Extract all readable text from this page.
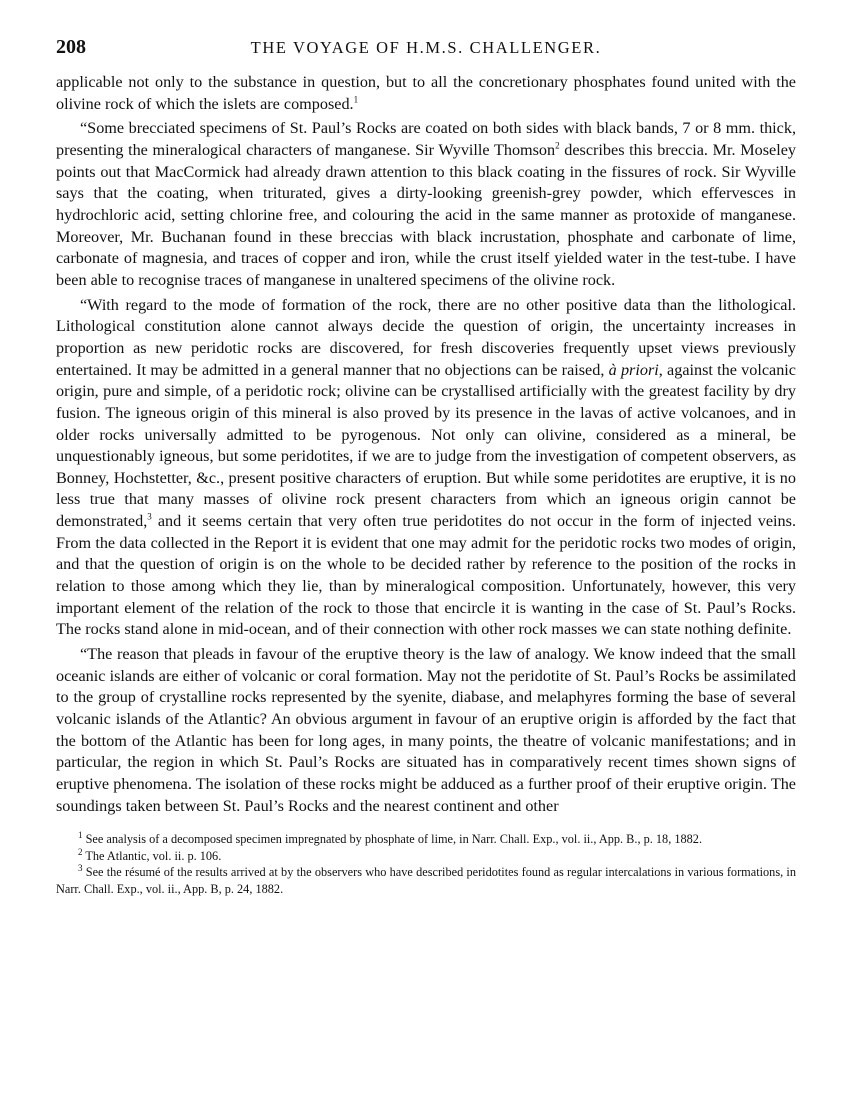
208	THE VOYAGE OF H.M.S. CHALLENGER.

applicable not only to the substance in question, but to all the concretionary phosphates found united with the olivine rock of which the islets are composed.$^1$

“Some brecciated specimens of St. Paul’s Rocks are coated on both sides with black bands, 7 or 8 mm. thick, presenting the mineralogical characters of manganese. Sir Wyville Thomson$^2$ describes this breccia. Mr. Moseley points out that MacCormick had already drawn attention to this black coating in the fissures of rock. Sir Wyville says that the coating, when triturated, gives a dirty-looking greenish-grey powder, which effervesces in hydrochloric acid, setting chlorine free, and colouring the acid in the same manner as protoxide of manganese. Moreover, Mr. Buchanan found in these breccias with black incrustation, phosphate and carbonate of lime, carbonate of magnesia, and traces of copper and iron, while the crust itself yielded water in the test-tube. I have been able to recognise traces of manganese in unaltered specimens of the olivine rock.

“With regard to the mode of formation of the rock, there are no other positive data than the lithological. Lithological constitution alone cannot always decide the question of origin, the uncertainty increases in proportion as new peridotic rocks are discovered, for fresh discoveries frequently upset views previously entertained. It may be admitted in a general manner that no objections can be raised, à priori, against the volcanic origin, pure and simple, of a peridotic rock; olivine can be crystallised artificially with the greatest facility by dry fusion. The igneous origin of this mineral is also proved by its presence in the lavas of active volcanoes, and in older rocks universally admitted to be pyrogenous. Not only can olivine, considered as a mineral, be unquestionably igneous, but some peridotites, if we are to judge from the investigation of competent observers, as Bonney, Hochstetter, &c., present positive characters of eruption. But while some peridotites are eruptive, it is no less true that many masses of olivine rock present characters from which an igneous origin cannot be demonstrated,$^3$ and it seems certain that very often true peridotites do not occur in the form of injected veins. From the data collected in the Report it is evident that one may admit for the peridotic rocks two modes of origin, and that the question of origin is on the whole to be decided rather by reference to the position of the rocks in relation to those among which they lie, than by mineralogical composition. Unfortunately, however, this very important element of the relation of the rock to those that encircle it is wanting in the case of St. Paul’s Rocks. The rocks stand alone in mid-ocean, and of their connection with other rock masses we can state nothing definite.

“The reason that pleads in favour of the eruptive theory is the law of analogy. We know indeed that the small oceanic islands are either of volcanic or coral formation. May not the peridotite of St. Paul’s Rocks be assimilated to the group of crystalline rocks represented by the syenite, diabase, and melaphyres forming the base of several volcanic islands of the Atlantic? An obvious argument in favour of an eruptive origin is afforded by the fact that the bottom of the Atlantic has been for long ages, in many points, the theatre of volcanic manifestations; and in particular, the region in which St. Paul’s Rocks are situated has in comparatively recent times shown signs of eruptive phenomena. The isolation of these rocks might be adduced as a further proof of their eruptive origin. The soundings taken between St. Paul’s Rocks and the nearest continent and other

$^1$ See analysis of a decomposed specimen impregnated by phosphate of lime, in Narr. Chall. Exp., vol. ii., App. B., p. 18, 1882.

$^2$ The Atlantic, vol. ii. p. 106.

$^3$ See the résumé of the results arrived at by the observers who have described peridotites found as regular intercalations in various formations, in Narr. Chall. Exp., vol. ii., App. B, p. 24, 1882.
